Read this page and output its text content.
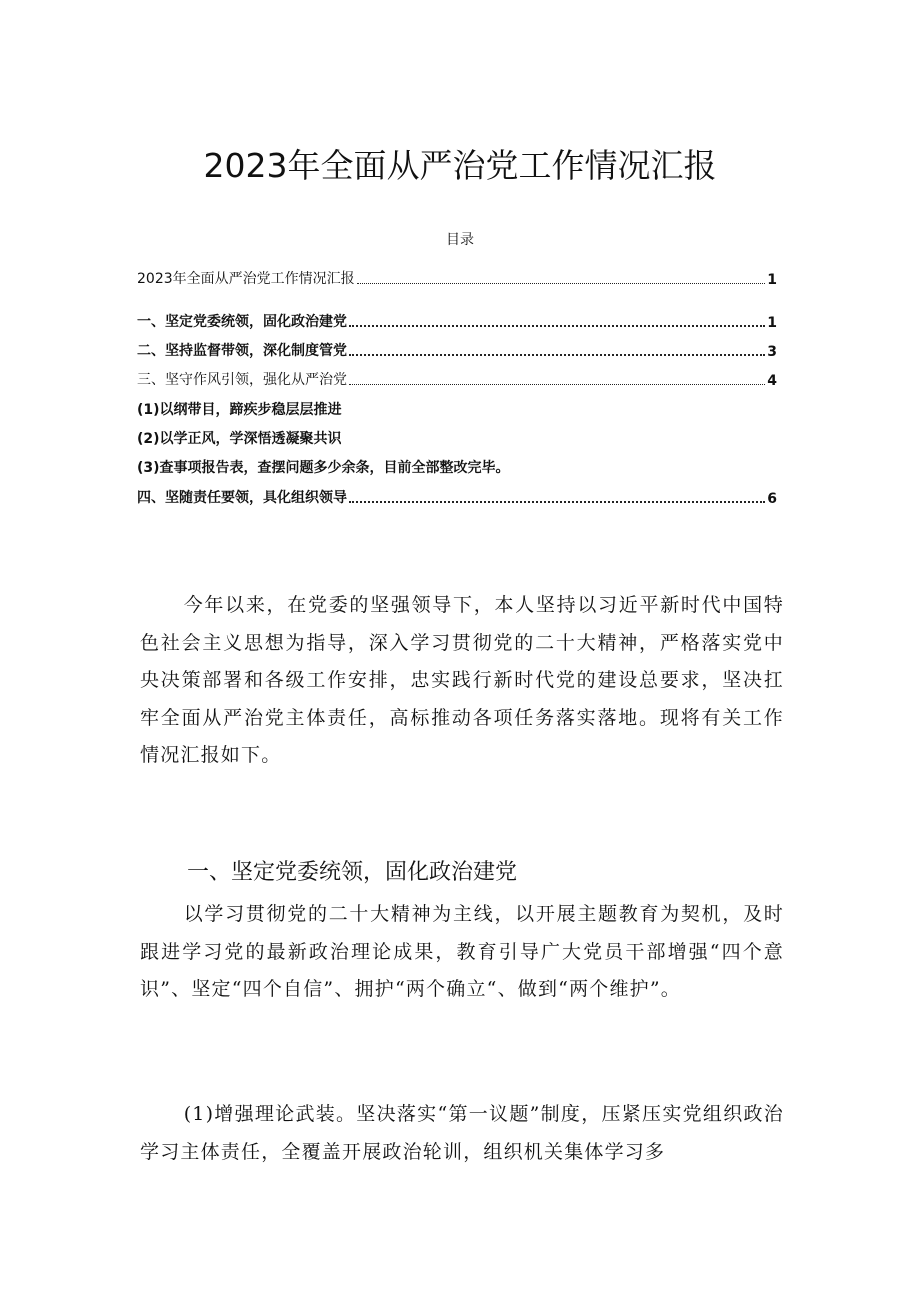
2023年全面从严治党工作情况汇报
目录
2023年全面从严治党工作情况汇报	1
一、坚定党委统领，固化政治建党	1
二、坚持监督带领，深化制度管党	3
三、坚守作风引领，强化从严治党	4
(1)以纲带目，蹄疾步稳层层推进
(2)以学正风，学深悟透凝聚共识
(3)查事项报告表，查摆问题多少余条，目前全部整改完毕。
四、坚随责任要领，具化组织领导	6

今年以来，在党委的坚强领导下，本人坚持以习近平新时代中国特色社会主义思想为指导，深入学习贯彻党的二十大精神，严格落实党中央决策部署和各级工作安排，忠实践行新时代党的建设总要求，坚决扛牢全面从严治党主体责任，高标推动各项任务落实落地。现将有关工作情况汇报如下。

一、坚定党委统领，固化政治建党

以学习贯彻党的二十大精神为主线，以开展主题教育为契机，及时跟进学习党的最新政治理论成果，教育引导广大党员干部增强“四个意识”、坚定“四个自信”、拥护“两个确立“、做到“两个维护”。

(1)增强理论武装。坚决落实“第一议题”制度，压紧压实党组织政治学习主体责任，全覆盖开展政治轮训，组织机关集体学习多
